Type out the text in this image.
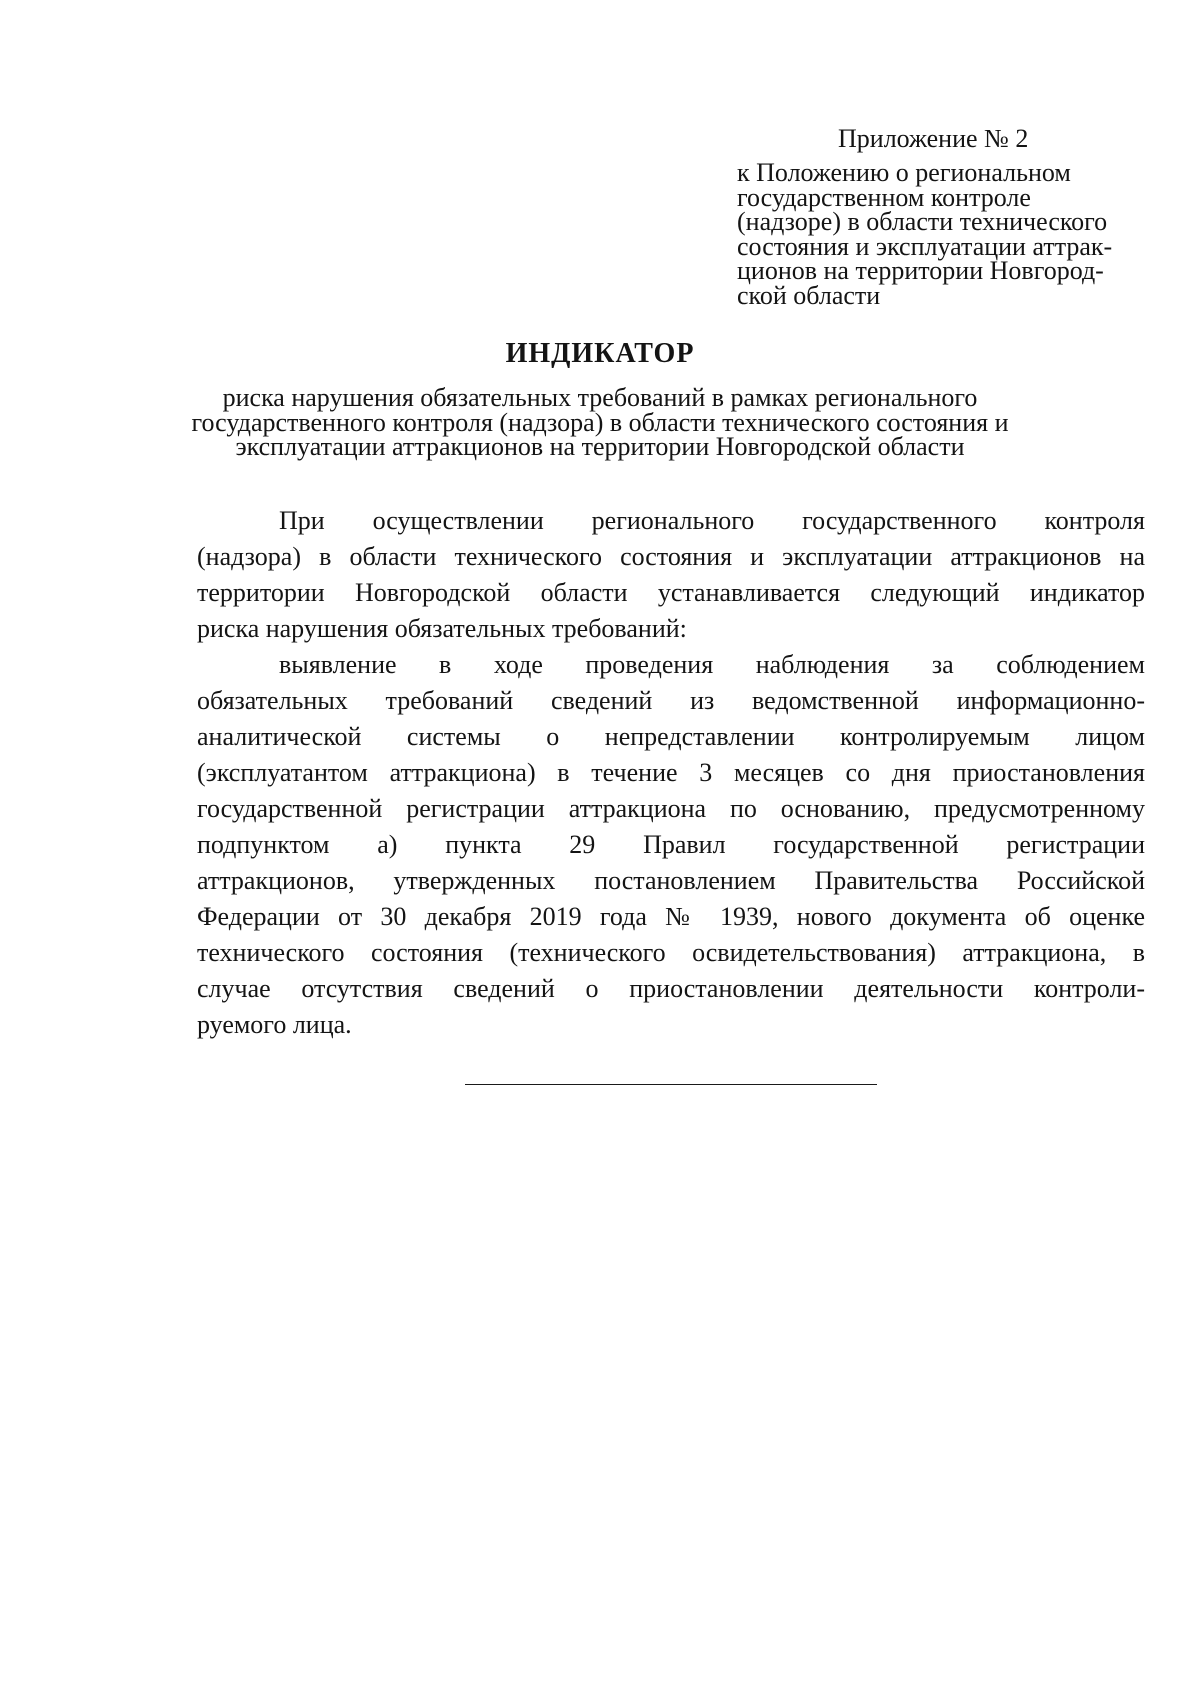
Приложение № 2
к Положению о региональном
государственном контроле
(надзоре) в области технического
состояния и эксплуатации аттрак-
ционов на территории Новгород-
ской области
ИНДИКАТОР
риска нарушения обязательных требований в рамках регионального
государственного контроля (надзора) в области технического состояния и
эксплуатации аттракционов на территории Новгородской области
При осуществлении регионального государственного контроля
(надзора) в области технического состояния и эксплуатации аттракционов на
территории Новгородской области устанавливается следующий индикатор
риска нарушения обязательных требований:
выявление в ходе проведения наблюдения за соблюдением
обязательных требований сведений из ведомственной информационно-
аналитической системы о непредставлении контролируемым лицом
(эксплуатантом аттракциона) в течение 3 месяцев со дня приостановления
государственной регистрации аттракциона по основанию, предусмотренному
подпунктом а) пункта 29 Правил государственной регистрации
аттракционов, утвержденных постановлением Правительства Российской
Федерации от 30 декабря 2019 года № 1939, нового документа об оценке
технического состояния (технического освидетельствования) аттракциона, в
случае отсутствия сведений о приостановлении деятельности контроли-
руемого лица.
